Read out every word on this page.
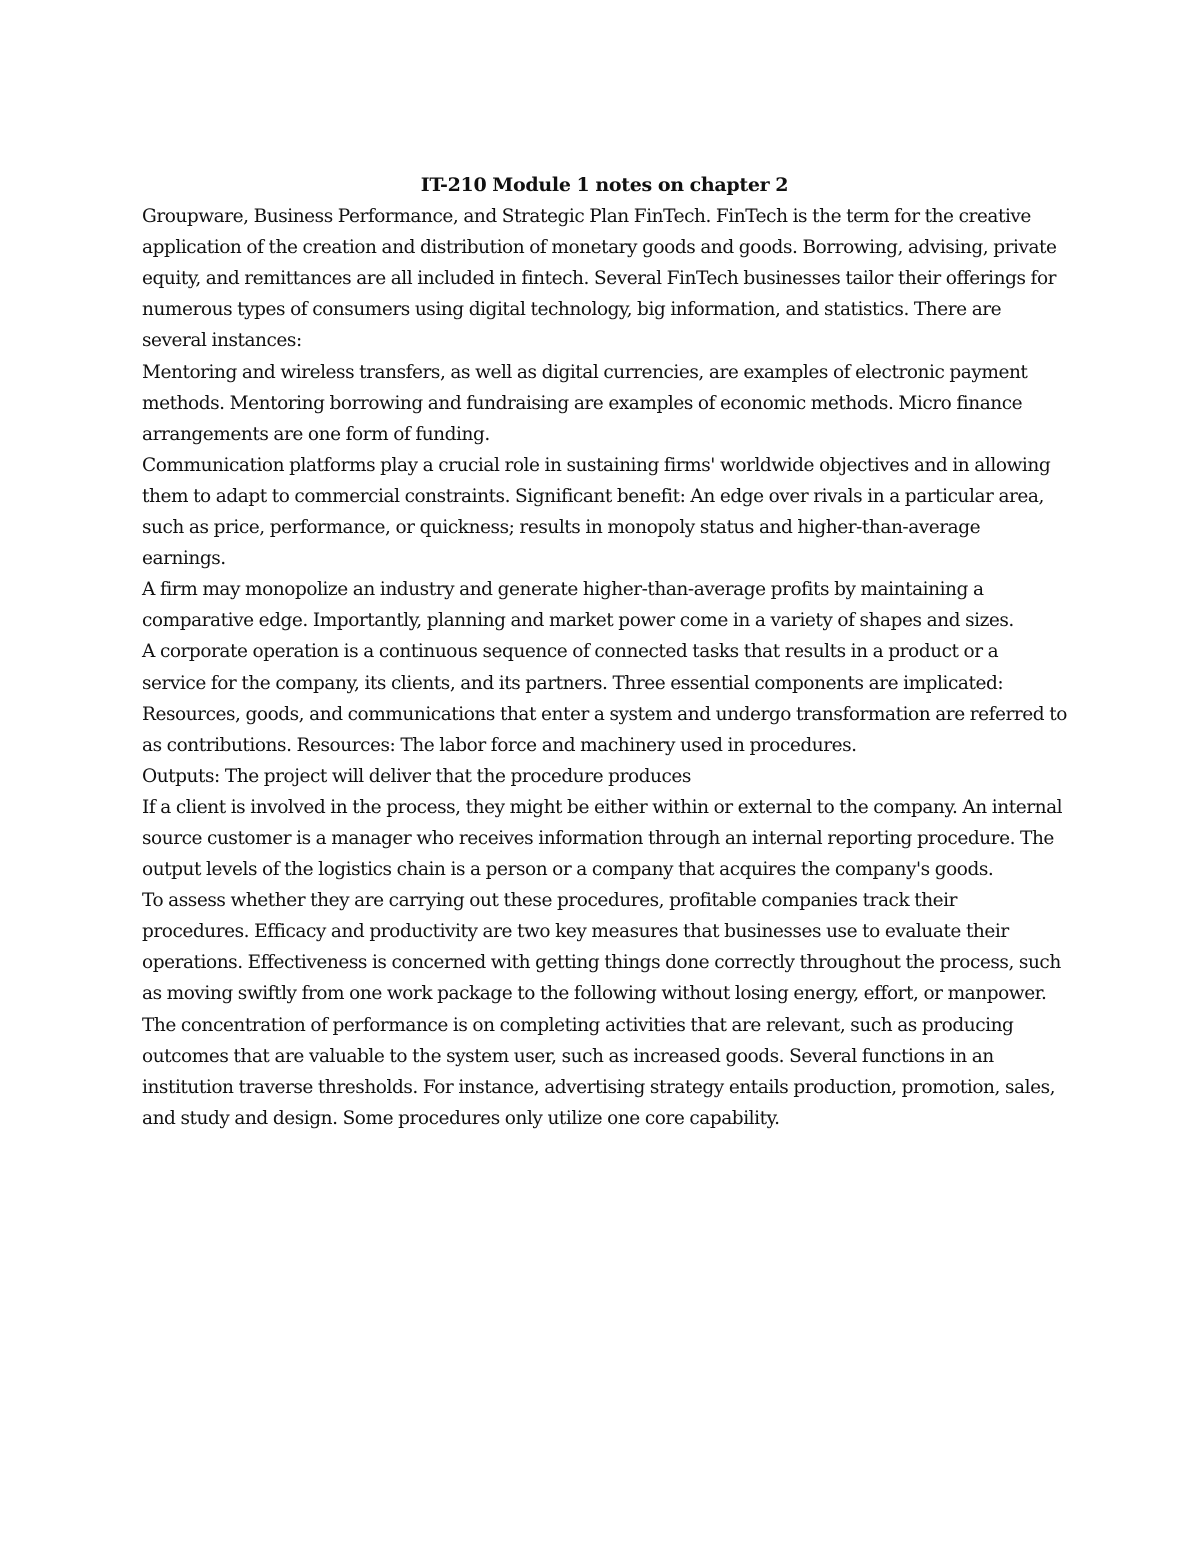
IT-210 Module 1 notes on chapter 2

Groupware, Business Performance, and Strategic Plan FinTech. FinTech is the term for the creative application of the creation and distribution of monetary goods and goods. Borrowing, advising, private equity, and remittances are all included in fintech. Several FinTech businesses tailor their offerings for numerous types of consumers using digital technology, big information, and statistics. There are several instances:

Mentoring and wireless transfers, as well as digital currencies, are examples of electronic payment methods. Mentoring borrowing and fundraising are examples of economic methods. Micro finance arrangements are one form of funding.

Communication platforms play a crucial role in sustaining firms' worldwide objectives and in allowing them to adapt to commercial constraints. Significant benefit: An edge over rivals in a particular area, such as price, performance, or quickness; results in monopoly status and higher-than-average earnings.

A firm may monopolize an industry and generate higher-than-average profits by maintaining a comparative edge. Importantly, planning and market power come in a variety of shapes and sizes.

A corporate operation is a continuous sequence of connected tasks that results in a product or a service for the company, its clients, and its partners. Three essential components are implicated: Resources, goods, and communications that enter a system and undergo transformation are referred to as contributions. Resources: The labor force and machinery used in procedures.

Outputs: The project will deliver that the procedure produces

If a client is involved in the process, they might be either within or external to the company. An internal source customer is a manager who receives information through an internal reporting procedure. The output levels of the logistics chain is a person or a company that acquires the company's goods.

To assess whether they are carrying out these procedures, profitable companies track their procedures. Efficacy and productivity are two key measures that businesses use to evaluate their operations. Effectiveness is concerned with getting things done correctly throughout the process, such as moving swiftly from one work package to the following without losing energy, effort, or manpower.

The concentration of performance is on completing activities that are relevant, such as producing outcomes that are valuable to the system user, such as increased goods. Several functions in an institution traverse thresholds. For instance, advertising strategy entails production, promotion, sales, and study and design. Some procedures only utilize one core capability.
